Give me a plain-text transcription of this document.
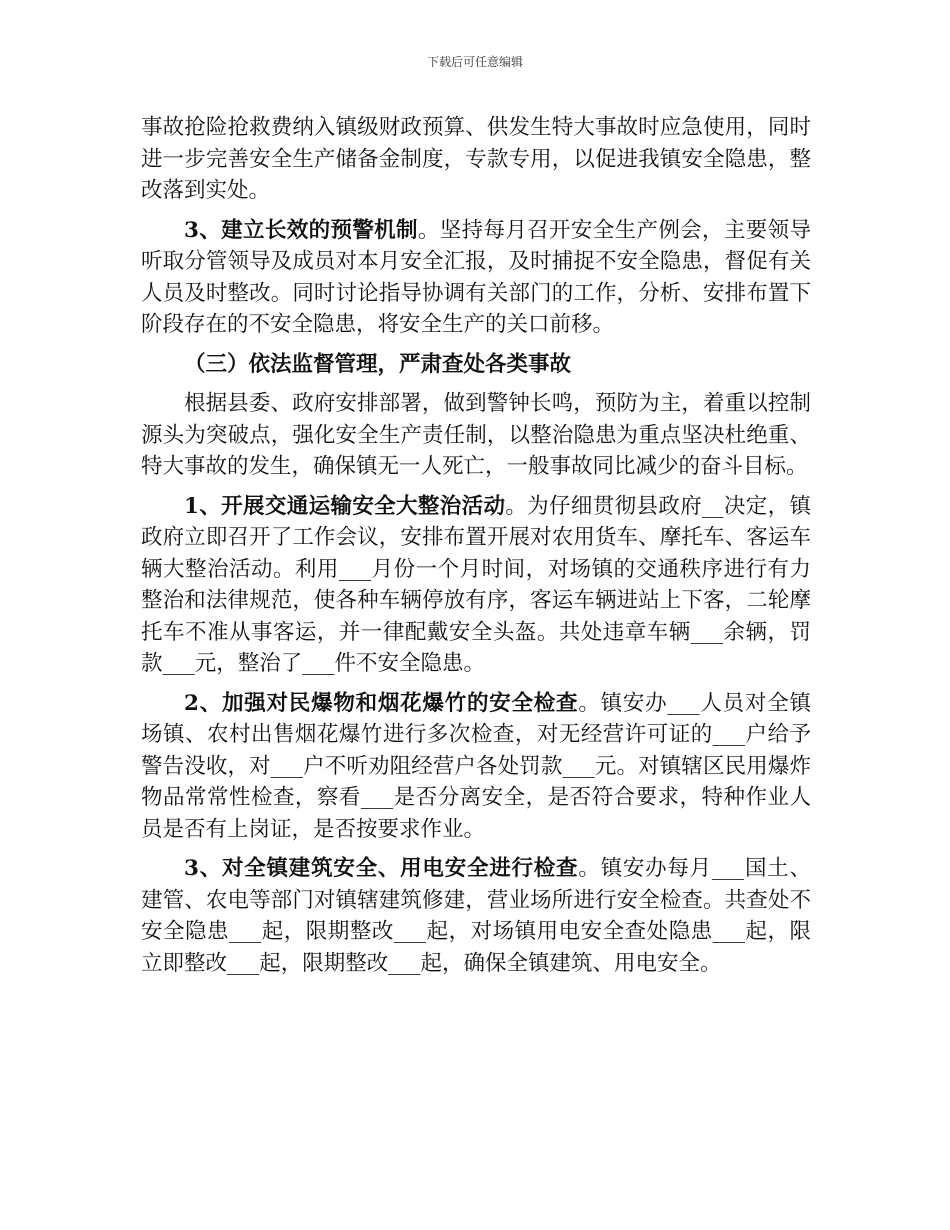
下载后可任意编辑

事故抢险抢救费纳入镇级财政预算、供发生特大事故时应急使用，同时进一步完善安全生产储备金制度，专款专用，以促进我镇安全隐患，整改落到实处。

3、建立长效的预警机制。坚持每月召开安全生产例会，主要领导听取分管领导及成员对本月安全汇报，及时捕捉不安全隐患，督促有关人员及时整改。同时讨论指导协调有关部门的工作，分析、安排布置下阶段存在的不安全隐患，将安全生产的关口前移。

（三）依法监督管理，严肃查处各类事故

根据县委、政府安排部署，做到警钟长鸣，预防为主，着重以控制源头为突破点，强化安全生产责任制，以整治隐患为重点坚决杜绝重、特大事故的发生，确保镇无一人死亡，一般事故同比减少的奋斗目标。

1、开展交通运输安全大整治活动。为仔细贯彻县政府__决定，镇政府立即召开了工作会议，安排布置开展对农用货车、摩托车、客运车辆大整治活动。利用___月份一个月时间，对场镇的交通秩序进行有力整治和法律规范，使各种车辆停放有序，客运车辆进站上下客，二轮摩托车不准从事客运，并一律配戴安全头盔。共处违章车辆___余辆，罚款___元，整治了___件不安全隐患。

2、加强对民爆物和烟花爆竹的安全检查。镇安办___人员对全镇场镇、农村出售烟花爆竹进行多次检查，对无经营许可证的___户给予警告没收，对___户不听劝阻经营户各处罚款___元。对镇辖区民用爆炸物品常常性检查，察看___是否分离安全，是否符合要求，特种作业人员是否有上岗证，是否按要求作业。

3、对全镇建筑安全、用电安全进行检查。镇安办每月___国土、建管、农电等部门对镇辖建筑修建，营业场所进行安全检查。共查处不安全隐患___起，限期整改___起，对场镇用电安全查处隐患___起，限立即整改___起，限期整改___起，确保全镇建筑、用电安全。
